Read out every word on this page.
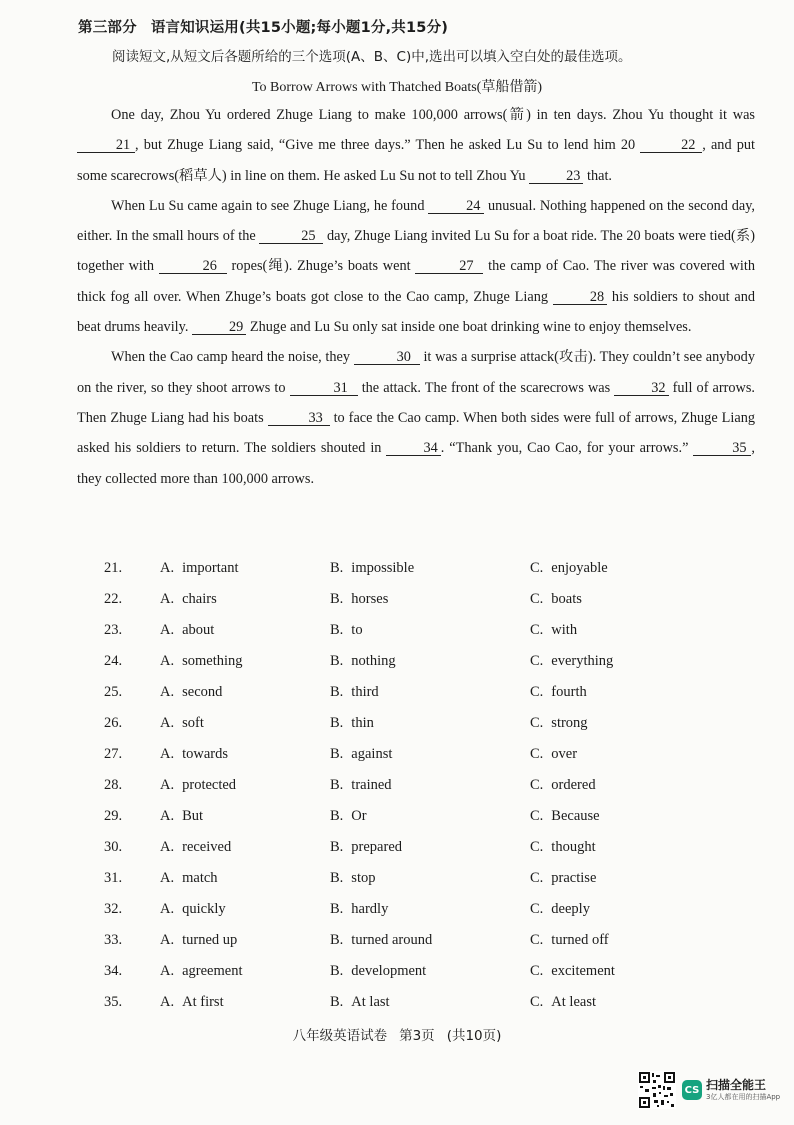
第三部分 语言知识运用(共15小题;每小题1分,共15分)
阅读短文,从短文后各题所给的三个选项(A、B、C)中,选出可以填入空白处的最佳选项。
To Borrow Arrows with Thatched Boats(草船借箭)

One day, Zhou Yu ordered Zhuge Liang to make 100,000 arrows(箭) in ten days. Zhou Yu thought it was 21 , but Zhuge Liang said, “Give me three days.” Then he asked Lu Su to lend him 20	22 , and put some scarecrows(稻草人) in line on them. He asked Lu Su not to tell Zhou Yu	23 that.

When Lu Su came again to see Zhuge Liang, he found	24 unusual. Nothing happened on the second day, either. In the small hours of the	25 day, Zhuge Liang invited Lu Su for a boat ride. The 20 boats were tied(系) together with	26 ropes(绳). Zhuge’s boats went	27 the camp of Cao. The river was covered with thick fog all over. When Zhuge’s boats got close to the Cao camp, Zhuge Liang	28 his soldiers to shout and beat drums heavily.	29 Zhuge and Lu Su only sat inside one boat drinking wine to enjoy themselves.

When the Cao camp heard the noise, they	30 it was a surprise attack(攻击). They couldn’t see anybody on the river, so they shoot arrows to	31 the attack. The front of the scarecrows was	32 full of arrows. Then Zhuge Liang had his boats	33 to face the Cao camp. When both sides were full of arrows, Zhuge Liang asked his soldiers to return. The soldiers shouted in	34 . “Thank you, Cao Cao, for your arrows.”	35 , they collected more than 100,000 arrows.

21.	A. important	B. impossible	C. enjoyable
22.	A. chairs	B. horses	C. boats
23.	A. about	B. to	C. with
24.	A. something	B. nothing	C. everything
25.	A. second	B. third	C. fourth
26.	A. soft	B. thin	C. strong
27.	A. towards	B. against	C. over
28.	A. protected	B. trained	C. ordered
29.	A. But	B. Or	C. Because
30.	A. received	B. prepared	C. thought
31.	A. match	B. stop	C. practise
32.	A. quickly	B. hardly	C. deeply
33.	A. turned up	B. turned around	C. turned off
34.	A. agreement	B. development	C. excitement
35.	A. At first	B. At last	C. At least
八年级英语试卷 第3页 (共10页)
CS 扫描全能王
3亿人都在用的扫描App
